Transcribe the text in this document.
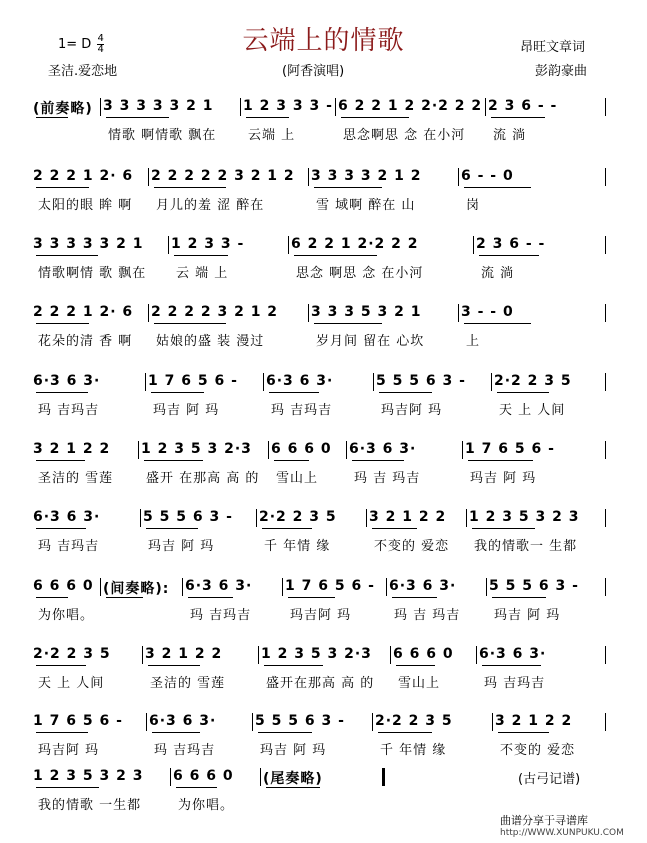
1= D $\frac{4}{4}$	云端上的情歌	昂旺文章词
圣洁.爱恋地	(阿香演唱)	彭韵豪曲
(前奏略) 3 3 3 3 3 2 1
情歌 啊情歌 飘在
1 2 3 3 3 -
云端 上
6 2 2 1 2 2·2 2 2
思念啊思 念 在小河
2 3 6 - -
流 淌
2 2 2 1 2· 6
太阳的眼 眸 啊
2 2 2 2 2 3 2 1 2
月儿的羞 涩 醉在
3 3 3 3 2 1 2
雪 域啊 醉在 山
6 - - 0
岗
3 3 3 3 3 2 1
情歌啊情 歌 飘在
1 2 3 3 -
云 端 上
6 2 2 1 2·2 2 2
思念 啊思 念 在小河
2 3 6 - -
流 淌
2 2 2 1 2· 6
花朵的清 香 啊
2 2 2 2 3 2 1 2
姑娘的盛 装 漫过
3 3 3 5 3 2 1
岁月间 留在 心坎
3 - - 0
上
6·3 6 3·
玛 吉玛吉
1 7 6 5 6 -
玛吉 阿 玛
6·3 6 3·
玛 吉玛吉
5 5 5 6 3 -
玛吉阿 玛
2·2 2 3 5
天 上 人间
3 2 1 2 2
圣洁的 雪莲
1 2 3 5 3 2·3
盛开 在那高 高 的
6 6 6 0
雪山上
6·3 6 3·
玛 吉 玛吉
1 7 6 5 6 -
玛吉 阿 玛
6·3 6 3·
玛 吉玛吉
5 5 5 6 3 -
玛吉 阿 玛
2·2 2 3 5
千 年情 缘
3 2 1 2 2
不变的 爱恋
1 2 3 5 3 2 3
我的情歌一 生都
6 6 6 0
为你唱。
(间奏略): 6·3 6 3·
玛 吉玛吉
1 7 6 5 6 -
玛吉阿 玛
6·3 6 3·
玛 吉 玛吉
5 5 5 6 3 -
玛吉 阿 玛
2·2 2 3 5
天 上 人间
3 2 1 2 2
圣洁的 雪莲
1 2 3 5 3 2·3
盛开在那高 高 的
6 6 6 0
雪山上
6·3 6 3·
玛 吉玛吉
1 7 6 5 6 -
玛吉阿 玛
6·3 6 3·
玛 吉玛吉
5 5 5 6 3 -
玛吉 阿 玛
2·2 2 3 5
千 年情 缘
3 2 1 2 2
不变的 爱恋
1 2 3 5 3 2 3
我的情歌 一生都
6 6 6 0
为你唱。
(尾奏略)	(古弓记谱)
曲谱分享于寻谱库
http://WWW.XUNPUKU.COM
